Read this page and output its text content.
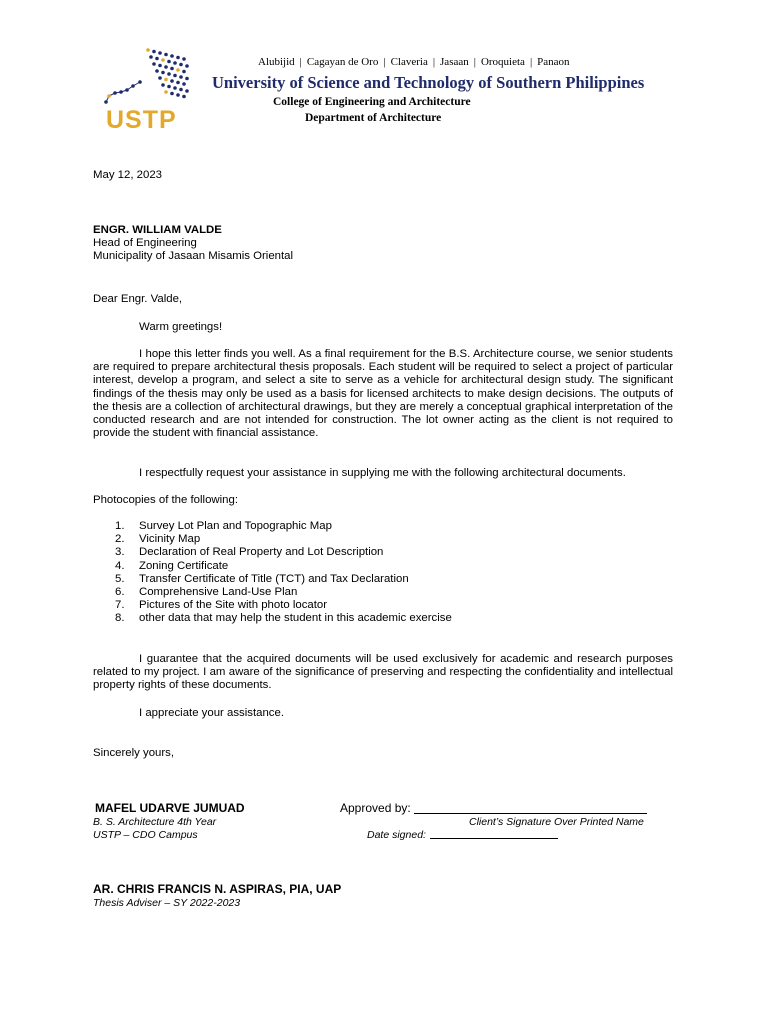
USTP
Alubijid | Cagayan de Oro | Claveria | Jasaan | Oroquieta | Panaon
University of Science and Technology of Southern Philippines
College of Engineering and Architecture
Department of Architecture
May 12, 2023
ENGR. WILLIAM VALDE
Head of Engineering
Municipality of Jasaan Misamis Oriental
Dear Engr. Valde,
Warm greetings!
I hope this letter finds you well. As a final requirement for the B.S. Architecture course, we senior students are required to prepare architectural thesis proposals. Each student will be required to select a project of particular interest, develop a program, and select a site to serve as a vehicle for architectural design study. The significant findings of the thesis may only be used as a basis for licensed architects to make design decisions. The outputs of the thesis are a collection of architectural drawings, but they are merely a conceptual graphical interpretation of the conducted research and are not intended for construction. The lot owner acting as the client is not required to provide the student with financial assistance.
I respectfully request your assistance in supplying me with the following architectural documents.
Photocopies of the following:
1. Survey Lot Plan and Topographic Map
2. Vicinity Map
3. Declaration of Real Property and Lot Description
4. Zoning Certificate
5. Transfer Certificate of Title (TCT) and Tax Declaration
6. Comprehensive Land-Use Plan
7. Pictures of the Site with photo locator
8. other data that may help the student in this academic exercise
I guarantee that the acquired documents will be used exclusively for academic and research purposes related to my project. I am aware of the significance of preserving and respecting the confidentiality and intellectual property rights of these documents.
I appreciate your assistance.
Sincerely yours,
MAFEL UDARVE JUMUAD
B. S. Architecture 4th Year
USTP – CDO Campus
Approved by:
Client’s Signature Over Printed Name
Date signed:
AR. CHRIS FRANCIS N. ASPIRAS, PIA, UAP
Thesis Adviser – SY 2022-2023
